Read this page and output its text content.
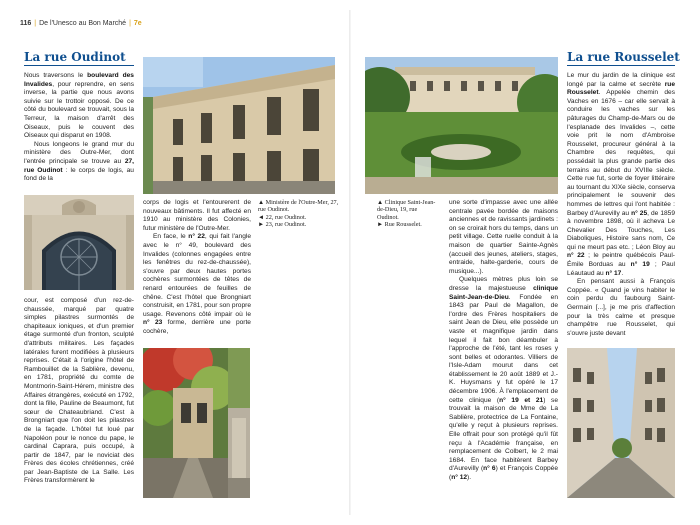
116 | De l'Unesco au Bon Marché | 7e
La rue Oudinot

Nous traversons le boulevard des Invalides, pour reprendre, en sens inverse, la partie que nous avons suivie sur le trottoir opposé. De ce côté du boulevard se trouvait, sous la Terreur, la maison d'arrêt des Oiseaux, puis le couvent des Oiseaux qui disparut en 1908.

Nous longeons le grand mur du ministère des Outre-Mer, dont l'entrée principale se trouve au 27, rue Oudinot : le corps de logis, au fond de la

cour, est composé d'un rez-de-chaussée, marqué par quatre simples pilastres surmontés de chapiteaux ioniques, et d'un premier étage surmonté d'un fronton, sculpté d'attributs militaires. Les façades latérales furent modifiées à plusieurs reprises. C'était à l'origine l'hôtel de Rambouillet de la Sablière, devenu, en 1781, propriété du comte de Montmorin-Saint-Hérem, ministre des Affaires étrangères, exécuté en 1792, dont la fille, Pauline de Beaumont, fut sœur de Chateaubriand. C'est à Brongniart que l'on doit les pilastres de la façade. L'hôtel fut loué par Napoléon pour le nonce du pape, le cardinal Caprara, puis occupé, à partir de 1847, par le noviciat des Frères des écoles chrétiennes, créé par Jean-Baptiste de La Salle. Les Frères transformèrent le

▲ Ministère de l'Outre-Mer, 27, rue Oudinot.
◄ 22, rue Oudinot.
► 23, rue Oudinot.

corps de logis et l'entourerent de nouveaux bâtiments. Il fut affecté en 1910 au ministère des Colonies, futur ministère de l'Outre-Mer.

En face, le n° 22, qui fait l'angle avec le n° 49, boulevard des Invalides (colonnes engagées entre les fenêtres du rez-de-chaussée), s'ouvre par deux hautes portes cochères surmontées de têtes de renard entourées de feuilles de chêne. C'est l'hôtel que Brongniart construisit, en 1781, pour son propre usage. Revenons côté impair où le n° 23 forme, derrière une porte cochère,

▲ Clinique Saint-Jean-de-Dieu, 19, rue Oudinot.
► Rue Rousselet.

une sorte d'impasse avec une allée centrale pavée bordée de maisons anciennes et de ravissants jardinets : on se croirait hors du temps, dans un petit village. Cette ruelle conduit à la maison de quartier Sainte-Agnès (accueil des jeunes, ateliers, stages, entraide, halte-garderie, cours de musique...).

Quelques mètres plus loin se dresse la majestueuse clinique Saint-Jean-de-Dieu. Fondée en 1843 par Paul de Magallon, de l'ordre des Frères hospitaliers de saint Jean de Dieu, elle possède un vaste et magnifique jardin dans lequel il fait bon déambuler à l'approche de l'été, tant les roses y sont belles et odorantes. Villiers de l'Isle-Adam mourut dans cet établissement le 20 août 1889 et J.-K. Huysmans y fut opéré le 17 décembre 1906. À l'emplacement de cette clinique (n° 19 et 21) se trouvait la maison de Mme de La Sablière, protectrice de La Fontaine, qu'elle y reçut à plusieurs reprises. Elle offrait pour son protégé qu'il fût reçu à l'Académie française, en remplacement de Colbert, le 2 mai 1684. En face habitèrent Barbey d'Aurevilly (n° 6) et François Coppée (n° 12).

La rue Rousselet

Le mur du jardin de la clinique est longé par la calme et secrète rue Rousselet. Appelée chemin des Vaches en 1676 – car elle servait à conduire les vaches sur les pâturages du Champ-de-Mars ou de l'esplanade des Invalides –, cette voie prit le nom d'Ambroise Rousselet, procureur général à la Chambre des requêtes, qui possédait la plus grande partie des terrains au début du XVIIIe siècle. Cette rue fut, sorte de foyer littéraire au tournant du XIXe siècle, conserva principalement le souvenir des hommes de lettres qui l'ont habitée : Barbey d'Aurevilly au n° 25, de 1859 à novembre 1898, où il acheva Le Chevalier Des Touches, Les Diaboliques, Histoire sans nom, Ce qui ne meurt pas etc. ; Léon Bloy au n° 22 ; le peintre québécois Paul-Émile Borduas au n° 19 ; Paul Léautaud au n° 17.

En pensant aussi à François Coppée. « Quand je vins habiter le coin perdu du faubourg Saint-Germain [...], je me pris d'affection pour la très calme et presque champêtre rue Rousselet, qui s'ouvre juste devant
